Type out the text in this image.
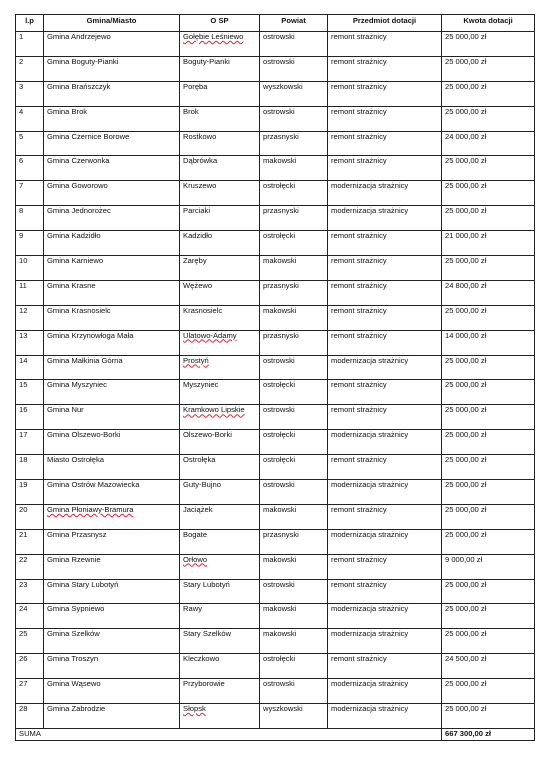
l.p	Gmina/Miasto	O SP	Powiat	Przedmiot dotacji	Kwota dotacji
1	Gmina Andrzejewo	Gołębie Leśniewo	ostrowski	remont strażnicy	25 000,00 zł
2	Gmina Boguty-Pianki	Boguty-Pianki	ostrowski	remont strażnicy	25 000,00 zł
3	Gmina Brańszczyk	Poręba	wyszkowski	remont strażnicy	25 000,00 zł
4	Gmina Brok	Brok	ostrowski	remont strażnicy	25 000,00 zł
5	Gmina Czernice Borowe	Rostkowo	przasnyski	remont strażnicy	24 000,00 zł
6	Gmina Czerwonka	Dąbrówka	makowski	remont strażnicy	25 000,00 zł
7	Gmina Goworowo	Kruszewo	ostrołęcki	modernizacja strażnicy	25 000,00 zł
8	Gmina Jednorożec	Parciaki	przasnyski	modernizacja strażnicy	25 000,00 zł
9	Gmina Kadzidło	Kadzidło	ostrołęcki	remont strażnicy	21 000,00 zł
10	Gmina Karniewo	Zaręby	makowski	remont strażnicy	25 000,00 zł
11	Gmina Krasne	Wężewo	przasnyski	remont strażnicy	24 800,00 zł
12	Gmina Krasnosielc	Krasnosielc	makowski	remont strażnicy	25 000,00 zł
13	Gmina Krzynowłoga Mała	Ulatowo-Adamy	przasnyski	remont strażnicy	14 000,00 zł
14	Gmina Małkinia Górna	Prostyń	ostrowski	modernizacja strażnicy	25 000,00 zł
15	Gmina Myszyniec	Myszyniec	ostrołęcki	remont strażnicy	25 000,00 zł
16	Gmina Nur	Kramkowo Lipskie	ostrowski	remont strażnicy	25 000,00 zł
17	Gmina Olszewo-Borki	Olszewo-Borki	ostrołęcki	modernizacja strażnicy	25 000,00 zł
18	Miasto Ostrołęka	Ostrołęka	ostrołęcki	remont strażnicy	25 000,00 zł
19	Gmina Ostrów Mazowiecka	Guty-Bujno	ostrowski	modernizacja strażnicy	25 000,00 zł
20	Gmina Płoniawy-Bramura	Jaciążek	makowski	remont strażnicy	25 000,00 zł
21	Gmina Przasnysz	Bogate	przasnyski	modernizacja strażnicy	25 000,00 zł
22	Gmina Rzewnie	Orłowo	makowski	remont strażnicy	9 000,00 zł
23	Gmina Stary Lubotyń	Stary Lubotyń	ostrowski	remont strażnicy	25 000,00 zł
24	Gmina Sypniewo	Rawy	makowski	modernizacja strażnicy	25 000,00 zł
25	Gmina Szelków	Stary Szelków	makowski	modernizacja strażnicy	25 000,00 zł
26	Gmina Troszyn	Kleczkowo	ostrołęcki	remont strażnicy	24 500,00 zł
27	Gmina Wąsewo	Przyborowie	ostrowski	modernizacja strażnicy	25 000,00 zł
28	Gmina Zabrodzie	Słopsk	wyszkowski	modernizacja strażnicy	25 000,00 zł
SUMA					667 300,00 zł
